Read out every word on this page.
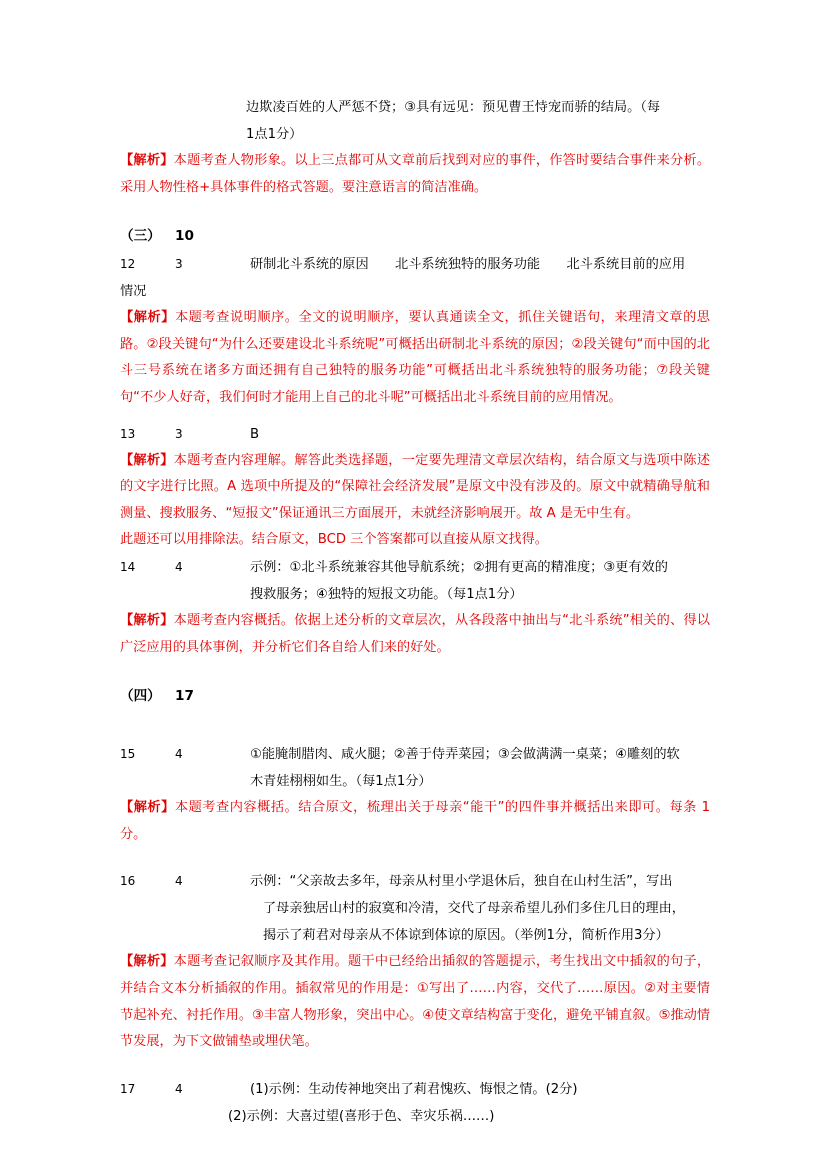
边欺凌百姓的人严惩不贷；③具有远见：预见曹王恃宠而骄的结局。（每
1点1分）
【解析】本题考查人物形象。以上三点都可从文章前后找到对应的事件，作答时要结合事件来分析。采用人物性格+具体事件的格式答题。要注意语言的简洁准确。
（三）	10
12	3	研制北斗系统的原因　　北斗系统独特的服务功能　　北斗系统目前的应用
情况
【解析】本题考查说明顺序。全文的说明顺序，要认真通读全文，抓住关键语句，来理清文章的思路。②段关键句“为什么还要建设北斗系统呢”可概括出研制北斗系统的原因；②段关键句“而中国的北斗三号系统在诸多方面还拥有自己独特的服务功能”可概括出北斗系统独特的服务功能；⑦段关键句“不少人好奇，我们何时才能用上自己的北斗呢”可概括出北斗系统目前的应用情况。
13	3	B
【解析】本题考查内容理解。解答此类选择题，一定要先理清文章层次结构，结合原文与选项中陈述的文字进行比照。A 选项中所提及的“保障社会经济发展”是原文中没有涉及的。原文中就精确导航和测量、搜救服务、“短报文”保证通讯三方面展开，未就经济影响展开。故 A 是无中生有。
此题还可以用排除法。结合原文，BCD 三个答案都可以直接从原文找得。
14	4	示例：①北斗系统兼容其他导航系统；②拥有更高的精准度；③更有效的
搜救服务；④独特的短报文功能。（每1点1分）
【解析】本题考查内容概括。依据上述分析的文章层次，从各段落中抽出与“北斗系统”相关的、得以广泛应用的具体事例，并分析它们各自给人们来的好处。
（四）	17
15	4	①能腌制腊肉、咸火腿；②善于侍弄菜园；③会做满满一桌菜；④雕刻的软
木青娃栩栩如生。（每1点1分）
【解析】本题考查内容概括。结合原文，梳理出关于母亲“能干”的四件事并概括出来即可。每条 1 分。
16	4	示例：“父亲故去多年，母亲从村里小学退休后，独自在山村生活”，写出
了母亲独居山村的寂寞和冷清，交代了母亲希望儿孙们多住几日的理由，
揭示了莉君对母亲从不体谅到体谅的原因。（举例1分，简析作用3分）
【解析】本题考查记叙顺序及其作用。题干中已经给出插叙的答题提示，考生找出文中插叙的句子，并结合文本分析插叙的作用。插叙常见的作用是：①写出了……内容，交代了……原因。②对主要情节起补充、衬托作用。③丰富人物形象，突出中心。④使文章结构富于变化，避免平铺直叙。⑤推动情节发展，为下文做铺垫或埋伏笔。
17	4	(1)示例：生动传神地突出了莉君愧疚、悔恨之情。(2分)
(2)示例：大喜过望(喜形于色、幸灾乐祸……)
